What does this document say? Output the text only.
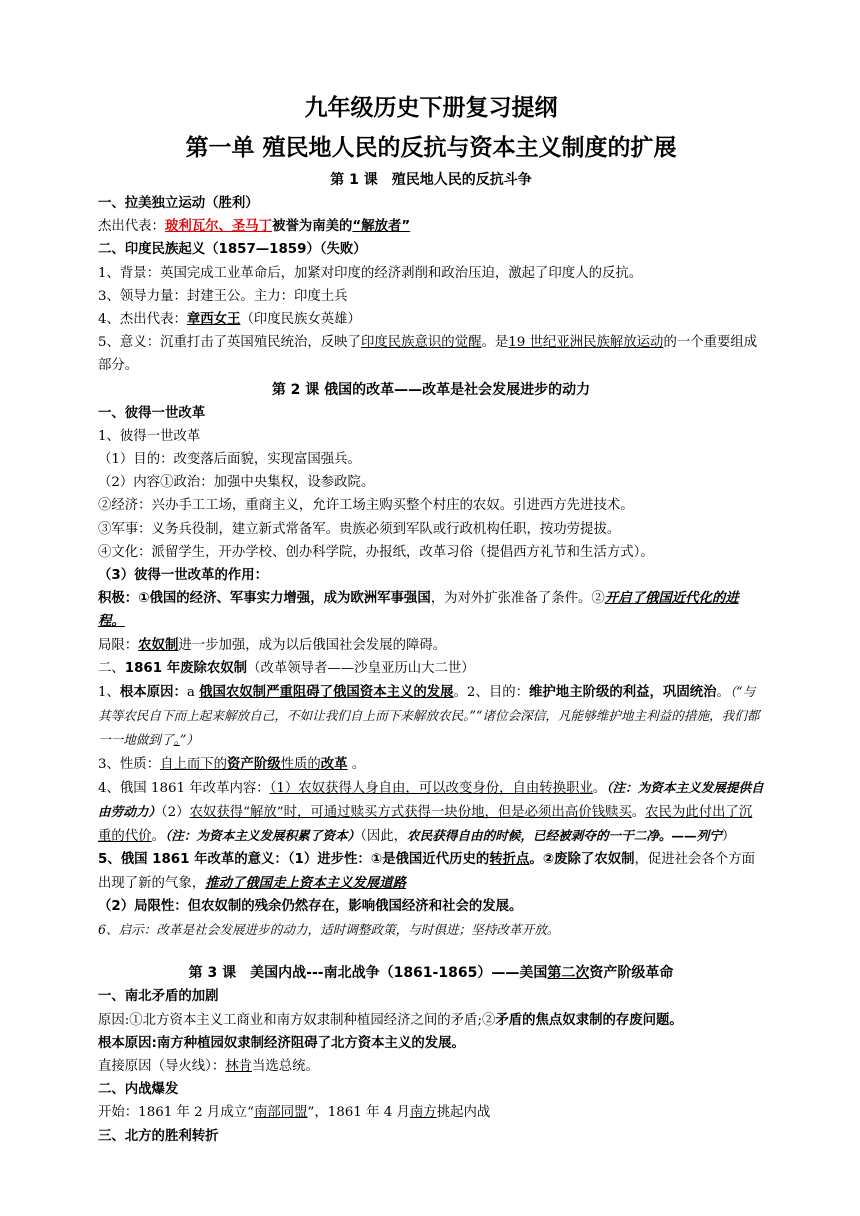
九年级历史下册复习提纲

第一单 殖民地人民的反抗与资本主义制度的扩展

第 1 课　殖民地人民的反抗斗争

一、拉美独立运动（胜利）

杰出代表：玻利瓦尔、圣马丁被誉为南美的“解放者”

二、印度民族起义（1857—1859）（失败）

1、背景：英国完成工业革命后，加紧对印度的经济剥削和政治压迫，激起了印度人的反抗。

3、领导力量：封建王公。主力：印度土兵

4、杰出代表：章西女王（印度民族女英雄）

5、意义：沉重打击了英国殖民统治，反映了印度民族意识的觉醒。是19 世纪亚洲民族解放运动的一个重要组成部分。

第 2 课 俄国的改革——改革是社会发展进步的动力

一、彼得一世改革

1、彼得一世改革

（1）目的：改变落后面貌，实现富国强兵。

（2）内容①政治：加强中央集权，设参政院。

②经济：兴办手工工场，重商主义，允许工场主购买整个村庄的农奴。引进西方先进技术。

③军事：义务兵役制，建立新式常备军。贵族必须到军队或行政机构任职，按功劳提拔。

④文化：派留学生，开办学校、创办科学院，办报纸，改革习俗（提倡西方礼节和生活方式）。

（3）彼得一世改革的作用：

积极：①俄国的经济、军事实力增强，成为欧洲军事强国，为对外扩张准备了条件。②开启了俄国近代化的进程。

局限：农奴制进一步加强，成为以后俄国社会发展的障碍。

二、1861 年废除农奴制（改革领导者——沙皇亚历山大二世）

1、根本原因：a 俄国农奴制严重阻碍了俄国资本主义的发展。2、目的：维护地主阶级的利益，巩固统治。（“与其等农民自下而上起来解放自己，不如让我们自上而下来解放农民。”“诸位会深信，凡能够维护地主利益的措施，我们都一一地做到了。”）

3、性质：自上而下的资产阶级性质的改革 。

4、俄国 1861 年改革内容：（1）农奴获得人身自由，可以改变身份，自由转换职业。（注：为资本主义发展提供自由劳动力）（2）农奴获得“解放”时，可通过赎买方式获得一块份地，但是必须出高价钱赎买。农民为此付出了沉重的代价。（注：为资本主义发展积累了资本）（因此，农民获得自由的时候，已经被剥夺的一干二净。——列宁）

5、俄国 1861 年改革的意义：（1）进步性：①是俄国近代历史的转折点。②废除了农奴制，促进社会各个方面出现了新的气象，推动了俄国走上资本主义发展道路

（2）局限性：但农奴制的残余仍然存在，影响俄国经济和社会的发展。

6、启示：改革是社会发展进步的动力，适时调整政策，与时俱进；坚持改革开放。

第 3 课　美国内战---南北战争（1861-1865）——美国第二次资产阶级革命

一、南北矛盾的加剧

原因:①北方资本主义工商业和南方奴隶制种植园经济之间的矛盾;②矛盾的焦点奴隶制的存废问题。

根本原因:南方种植园奴隶制经济阻碍了北方资本主义的发展。

直接原因（导火线）：林肯当选总统。

二、内战爆发

开始：1861 年 2 月成立“南部同盟”，1861 年 4 月南方挑起内战

三、北方的胜利转折
